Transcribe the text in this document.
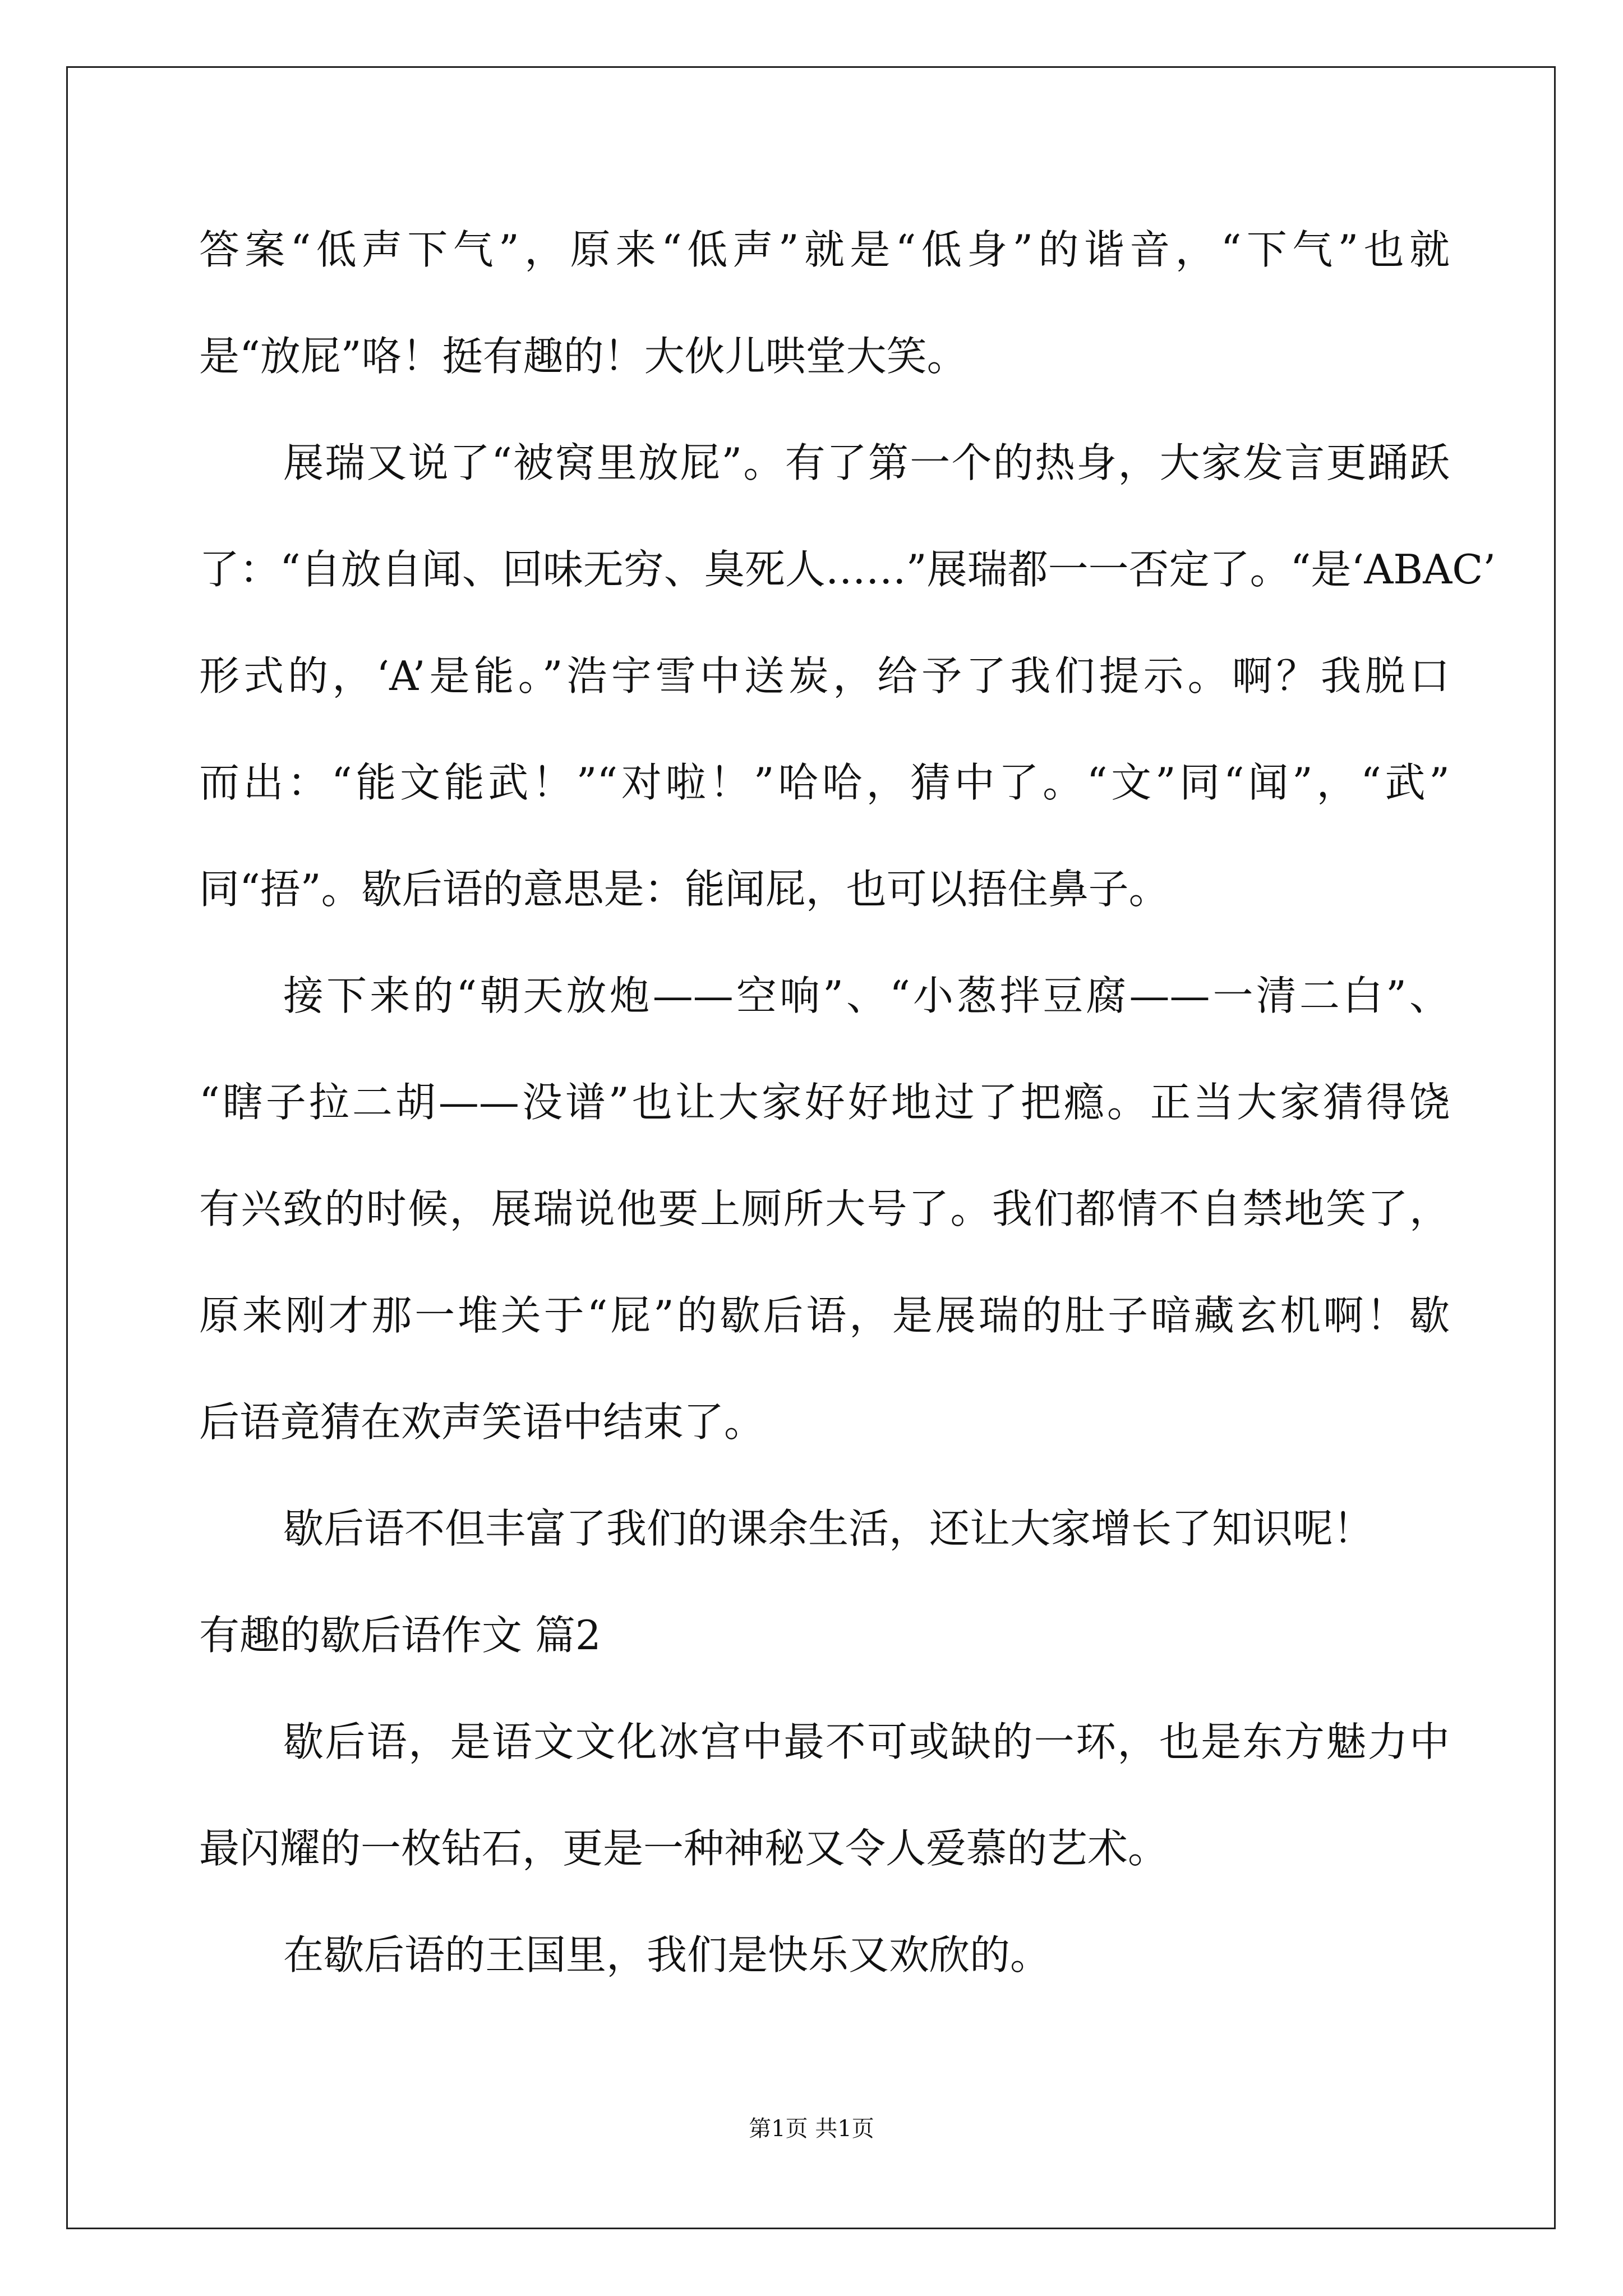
答案“低声下气”，原来“低声”就是“低身”的谐音，“下气”也就
是“放屁”咯！挺有趣的！大伙儿哄堂大笑。
展瑞又说了“被窝里放屁”。有了第一个的热身，大家发言更踊跃
了：“自放自闻、回味无穷、臭死人……”展瑞都一一否定了。“是‘ABAC’
形式的，‘A’是能。”浩宇雪中送炭，给予了我们提示。啊？我脱口
而出：“能文能武！”“对啦！”哈哈，猜中了。“文”同“闻”，“武”
同“捂”。歇后语的意思是：能闻屁，也可以捂住鼻子。
接下来的“朝天放炮——空响”、“小葱拌豆腐——一清二白”、
“瞎子拉二胡——没谱”也让大家好好地过了把瘾。正当大家猜得饶
有兴致的时候，展瑞说他要上厕所大号了。我们都情不自禁地笑了，
原来刚才那一堆关于“屁”的歇后语，是展瑞的肚子暗藏玄机啊！歇
后语竟猜在欢声笑语中结束了。
歇后语不但丰富了我们的课余生活，还让大家增长了知识呢！
有趣的歇后语作文 篇2
歇后语，是语文文化冰宫中最不可或缺的一环，也是东方魅力中
最闪耀的一枚钻石，更是一种神秘又令人爱慕的艺术。
在歇后语的王国里，我们是快乐又欢欣的。
第1页 共1页
